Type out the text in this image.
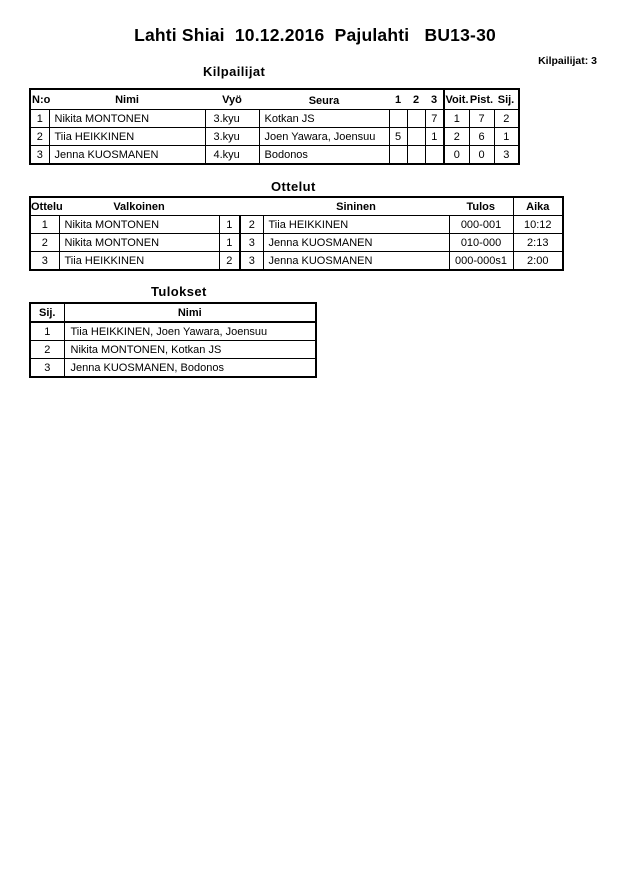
Lahti Shiai  10.12.2016  Pajulahti   BU13-30
Kilpailijat: 3
Kilpailijat
N:o	Nimi	Vyö	Seura	1	2	3	Voit.	Pist.	Sij.
1	Nikita MONTONEN	3.kyu	Kotkan JS			7	1	7	2
2	Tiia HEIKKINEN	3.kyu	Joen Yawara, Joensuu	5		1	2	6	1
3	Jenna KUOSMANEN	4.kyu	Bodonos				0	0	3
Ottelut
Ottelu	Valkoinen			Sininen	Tulos	Aika
1	Nikita MONTONEN	1	2	Tiia HEIKKINEN	000-001	10:12
2	Nikita MONTONEN	1	3	Jenna KUOSMANEN	010-000	2:13
3	Tiia HEIKKINEN	2	3	Jenna KUOSMANEN	000-000s1	2:00
Tulokset
Sij.	Nimi
1	Tiia HEIKKINEN, Joen Yawara, Joensuu
2	Nikita MONTONEN, Kotkan JS
3	Jenna KUOSMANEN, Bodonos
